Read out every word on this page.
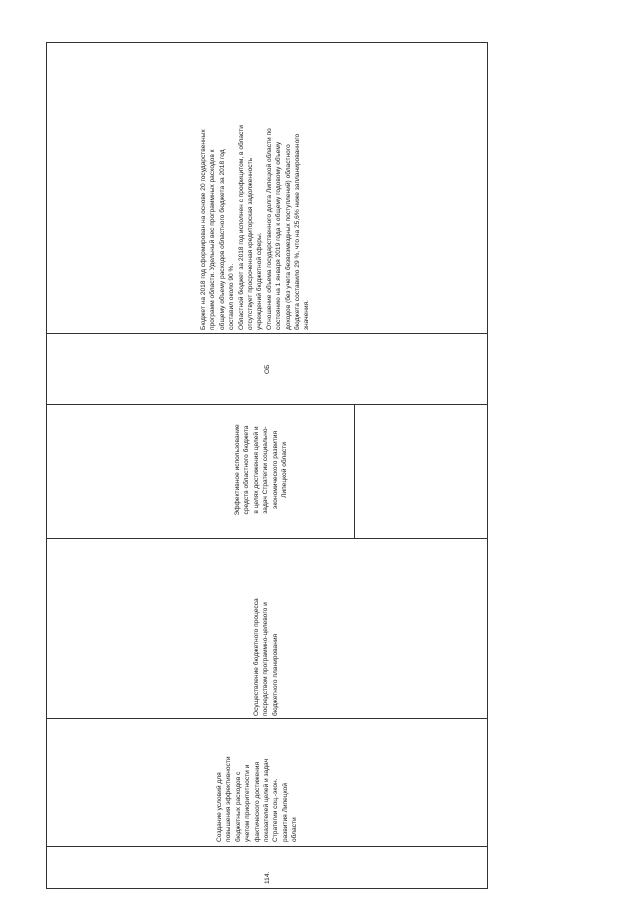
114.
Создание условий для повышения эффективности бюджетных расходов с учетом приоритетности и фактического достижения показателей целей и задач Стратегии соц.-экон. развития Липецкой области
Осуществление бюджетного процесса посредством программно-целевого и бюджетного планирования
Эффективное использование средств областного бюджета в целях достижения целей и задач Стратегии социально- экономического развития Липецкой области
ОБ
Бюджет на 2018 год сформирован на основе 20 государственных программ области. Удельный вес программных расходов к общему объему расходов областного бюджета за 2018 год составил около 90 %. Областной бюджет за 2018 год исполнен с профицитом, в области отсутствует просроченная кредиторская задолженность учреждений бюджетной сферы. Отношение объема государственного долга Липецкой области по состоянию на 1 января 2019 года к общему годовому объему доходов (без учета безвозмездных поступлений) областного бюджета составило 29 %, что на 25,6% ниже запланированного значения.
